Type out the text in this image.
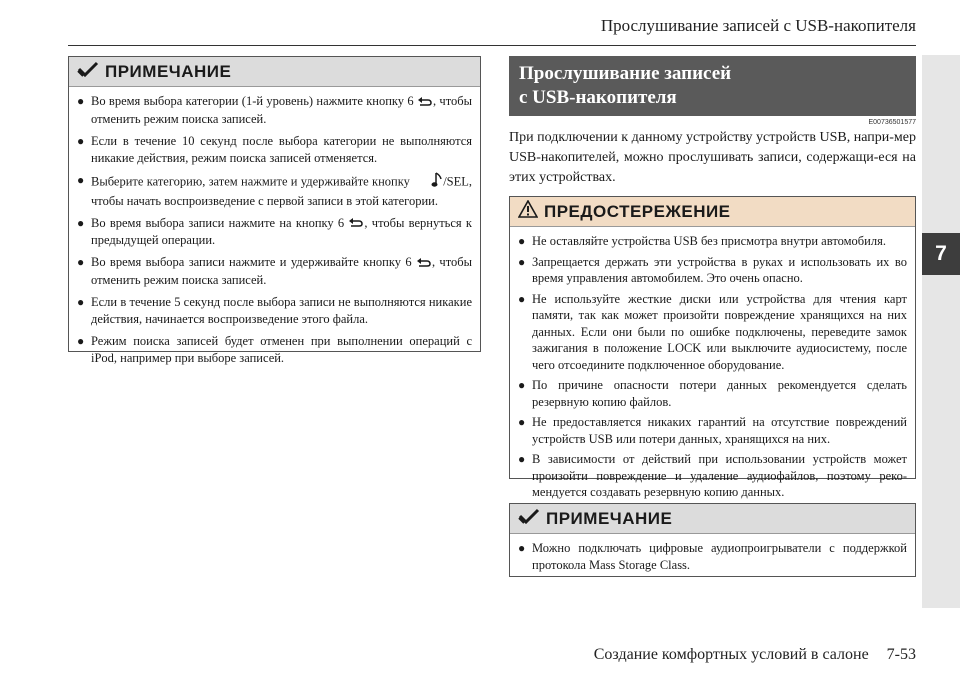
Прослушивание записей с USB-накопителя
7
ПРИМЕЧАНИЕ
● Во время выбора категории (1-й уровень) нажмите кнопку 6 , чтобы отменить режим поиска записей.
● Если в течение 10 секунд после выбора категории не выполняются никакие действия, режим поиска записей отменяется.
● Выберите категорию, затем нажмите и удерживайте кнопку	/SEL, чтобы начать воспроизведение с первой записи в этой категории.
● Во время выбора записи нажмите на кнопку 6 , чтобы вернуться к предыдущей операции.
● Во время выбора записи нажмите и удерживайте кнопку 6 , чтобы отменить режим поиска записей.
● Если в течение 5 секунд после выбора записи не выполняются никакие действия, начинается воспроизведение этого файла.
● Режим поиска записей будет отменен при выполнении операций с iPod, например при выборе записей.
Прослушивание записей
с USB-накопителя
E00736501577
При подключении к данному устройству устройств USB, напри-мер USB-накопителей, можно прослушивать записи, содержащи-еся на этих устройствах.
ПРЕДОСТЕРЕЖЕНИЕ
● Не оставляйте устройства USB без присмотра внутри автомобиля.
● Запрещается держать эти устройства в руках и использовать их во время управления автомобилем. Это очень опасно.
● Не используйте жесткие диски или устройства для чтения карт памяти, так как может произойти повреждение хранящихся на них данных. Если они были по ошибке подключены, переведите замок зажигания в положение LOCK или выключите аудиосистему, после чего отсоедините подключенное оборудование.
● По причине опасности потери данных рекомендуется сделать резервную копию файлов.
● Не предоставляется никаких гарантий на отсутствие повреждений устройств USB или потери данных, хранящихся на них.
● В зависимости от действий при использовании устройств может произойти повреждение и удаление аудиофайлов, поэтому реко-мендуется создавать резервную копию данных.
ПРИМЕЧАНИЕ
● Можно подключать цифровые аудиопроигрыватели с поддержкой протокола Mass Storage Class.
Создание комфортных условий в салоне 7-53
